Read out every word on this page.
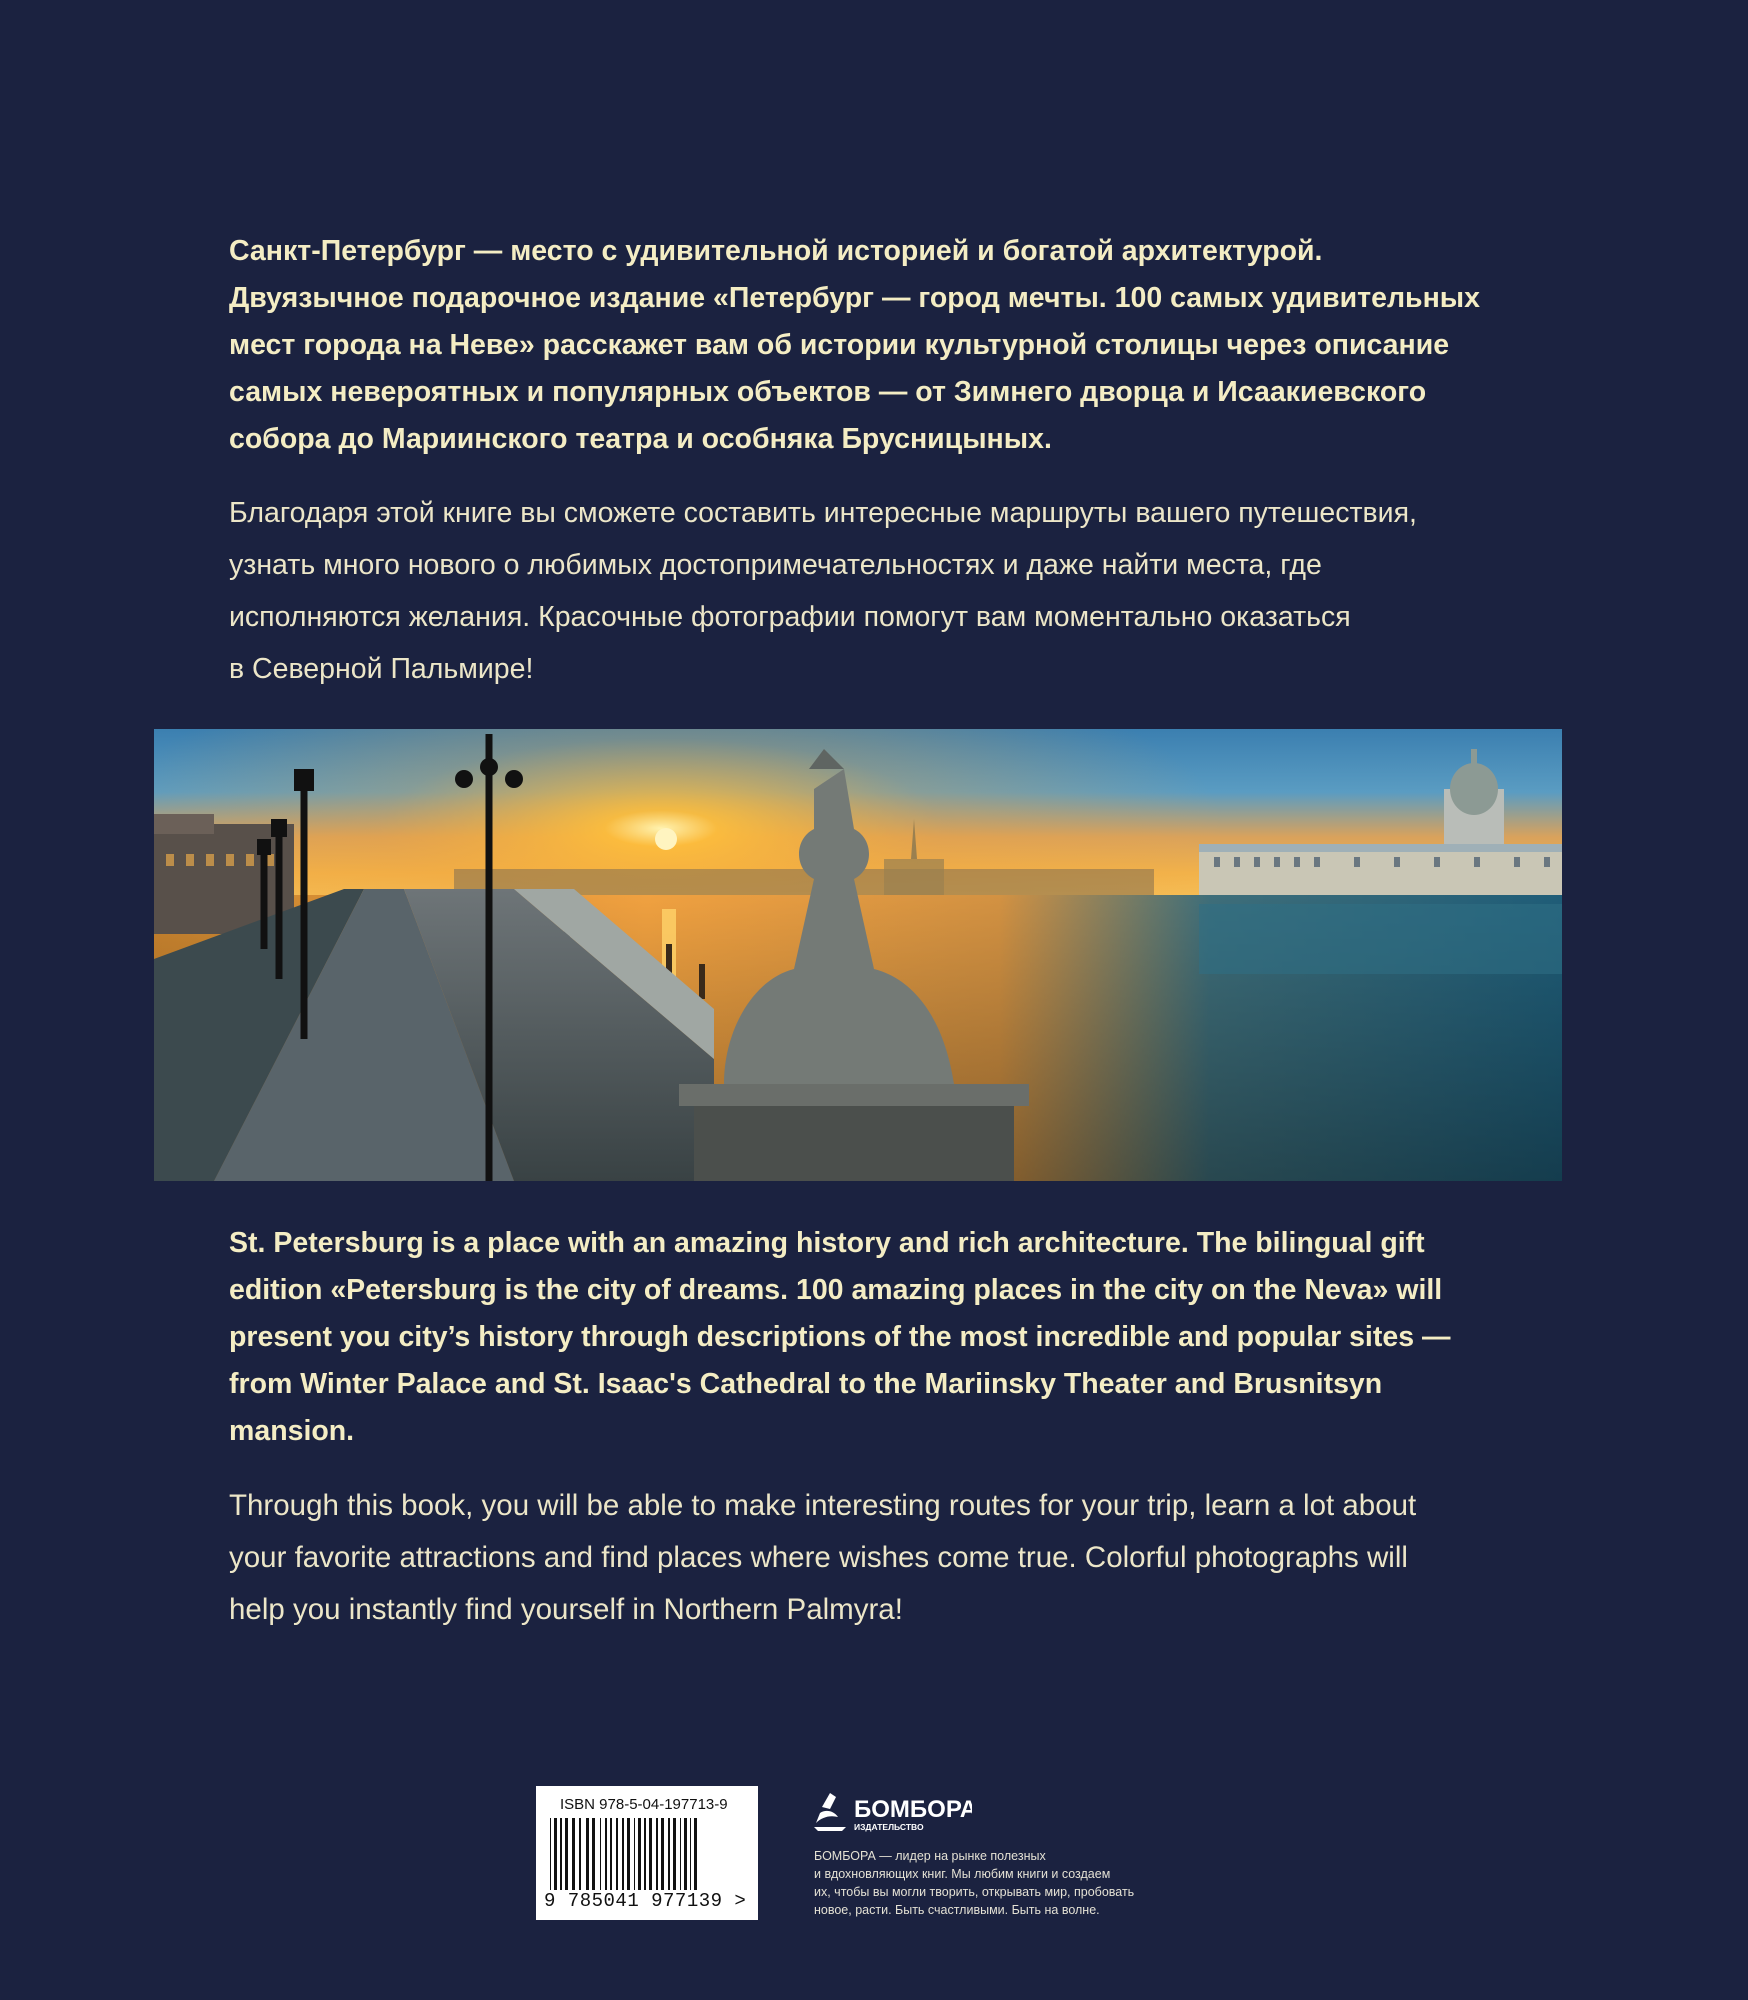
Санкт-Петербург — место с удивительной историей и богатой архитектурой.
Двуязычное подарочное издание «Петербург — город мечты. 100 самых удивительных
мест города на Неве» расскажет вам об истории культурной столицы через описание
самых невероятных и популярных объектов — от Зимнего дворца и Исаакиевского
собора до Мариинского театра и особняка Брусницыных.
Благодаря этой книге вы сможете составить интересные маршруты вашего путешествия,
узнать много нового о любимых достопримечательностях и даже найти места, где
исполняются желания. Красочные фотографии помогут вам моментально оказаться
в Северной Пальмире!
St. Petersburg is a place with an amazing history and rich architecture. The bilingual gift
edition «Petersburg is the city of dreams. 100 amazing places in the city on the Neva» will
present you city’s history through descriptions of the most incredible and popular sites —
from Winter Palace and St. Isaac's Cathedral to the Mariinsky Theater and Brusnitsyn
mansion.
Through this book, you will be able to make interesting routes for your trip, learn a lot about
your favorite attractions and find places where wishes come true. Colorful photographs will
help you instantly find yourself in Northern Palmyra!
ISBN 978-5-04-197713-9
9 785041 977139 >
БОМБОРА
ИЗДАТЕЛЬСТВО
БОМБОРА — лидер на рынке полезных
и вдохновляющих книг. Мы любим книги и создаем
их, чтобы вы могли творить, открывать мир, пробовать
новое, расти. Быть счастливыми. Быть на волне.
